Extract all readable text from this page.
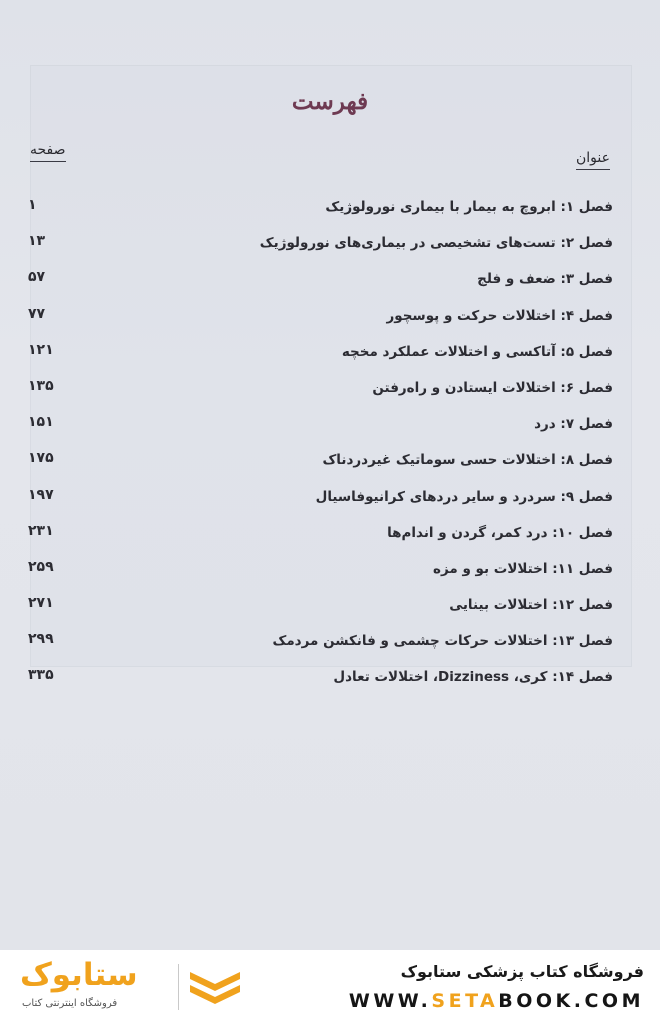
فهرست
عنوان
صفحه
فصل ۱: ابروچ به بیمار با بیماری نورولوژیک
۱
فصل ۲: تست‌های تشخیصی در بیماری‌های نورولوژیک
۱۳
فصل ۳: ضعف و فلج
۵۷
فصل ۴: اختلالات حرکت و پوسچور
۷۷
فصل ۵: آتاکسی و اختلالات عملکرد مخچه
۱۲۱
فصل ۶: اختلالات ایستادن و راه‌رفتن
۱۳۵
فصل ۷: درد
۱۵۱
فصل ۸: اختلالات حسی سوماتیک غیردردناک
۱۷۵
فصل ۹: سردرد و سایر دردهای کرانیوفاسیال
۱۹۷
فصل ۱۰: درد کمر، گردن و اندام‌ها
۲۳۱
فصل ۱۱: اختلالات بو و مزه
۲۵۹
فصل ۱۲: اختلالات بینایی
۲۷۱
فصل ۱۳: اختلالات حرکات چشمی و فانکشن مردمک
۲۹۹
فصل ۱۴: کری، Dizziness، اختلالات تعادل
۳۳۵
فروشگاه کتاب پزشکی ستابوک
WWW.SETABOOK.COM
ستابوک
فروشگاه اینترنتی کتاب
